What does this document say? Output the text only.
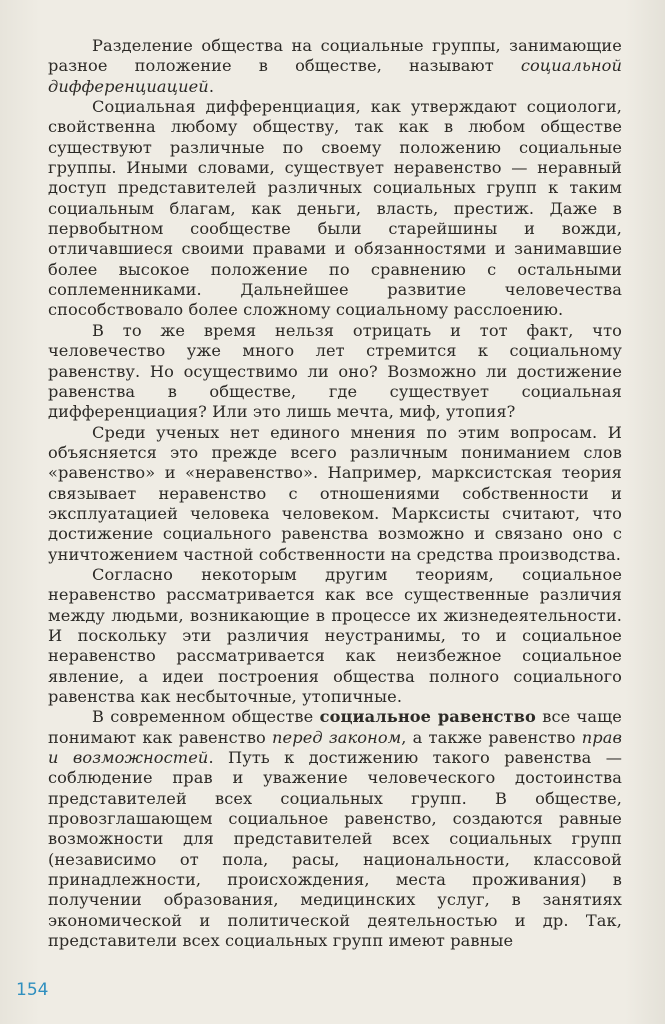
Разделение общества на социальные группы, занимающие разное положение в обществе, называют социальной дифференциацией.

Социальная дифференциация, как утверждают социологи, свойственна любому обществу, так как в любом обществе существуют различные по своему положению социальные группы. Иными словами, существует неравенство — неравный доступ представителей различных социальных групп к таким социальным благам, как деньги, власть, престиж. Даже в первобытном сообществе были старейшины и вожди, отличавшиеся своими правами и обязанностями и занимавшие более высокое положение по сравнению с остальными соплеменниками. Дальнейшее развитие человечества способствовало более сложному социальному расслоению.

В то же время нельзя отрицать и тот факт, что человечество уже много лет стремится к социальному равенству. Но осуществимо ли оно? Возможно ли достижение равенства в обществе, где существует социальная дифференциация? Или это лишь мечта, миф, утопия?

Среди ученых нет единого мнения по этим вопросам. И объясняется это прежде всего различным пониманием слов «равенство» и «неравенство». Например, марксистская теория связывает неравенство с отношениями собственности и эксплуатацией человека человеком. Марксисты считают, что достижение социального равенства возможно и связано оно с уничтожением частной собственности на средства производства.

Согласно некоторым другим теориям, социальное неравенство рассматривается как все существенные различия между людьми, возникающие в процессе их жизнедеятельности. И поскольку эти различия неустранимы, то и социальное неравенство рассматривается как неизбежное социальное явление, а идеи построения общества полного социального равенства как несбыточные, утопичные.

В современном обществе социальное равенство все чаще понимают как равенство перед законом, а также равенство прав и возможностей. Путь к достижению такого равенства — соблюдение прав и уважение человеческого достоинства представителей всех социальных групп. В обществе, провозглашающем социальное равенство, создаются равные возможности для представителей всех социальных групп (независимо от пола, расы, национальности, классовой принадлежности, происхождения, места проживания) в получении образования, медицинских услуг, в занятиях экономической и политической деятельностью и др. Так, представители всех социальных групп имеют равные

154
